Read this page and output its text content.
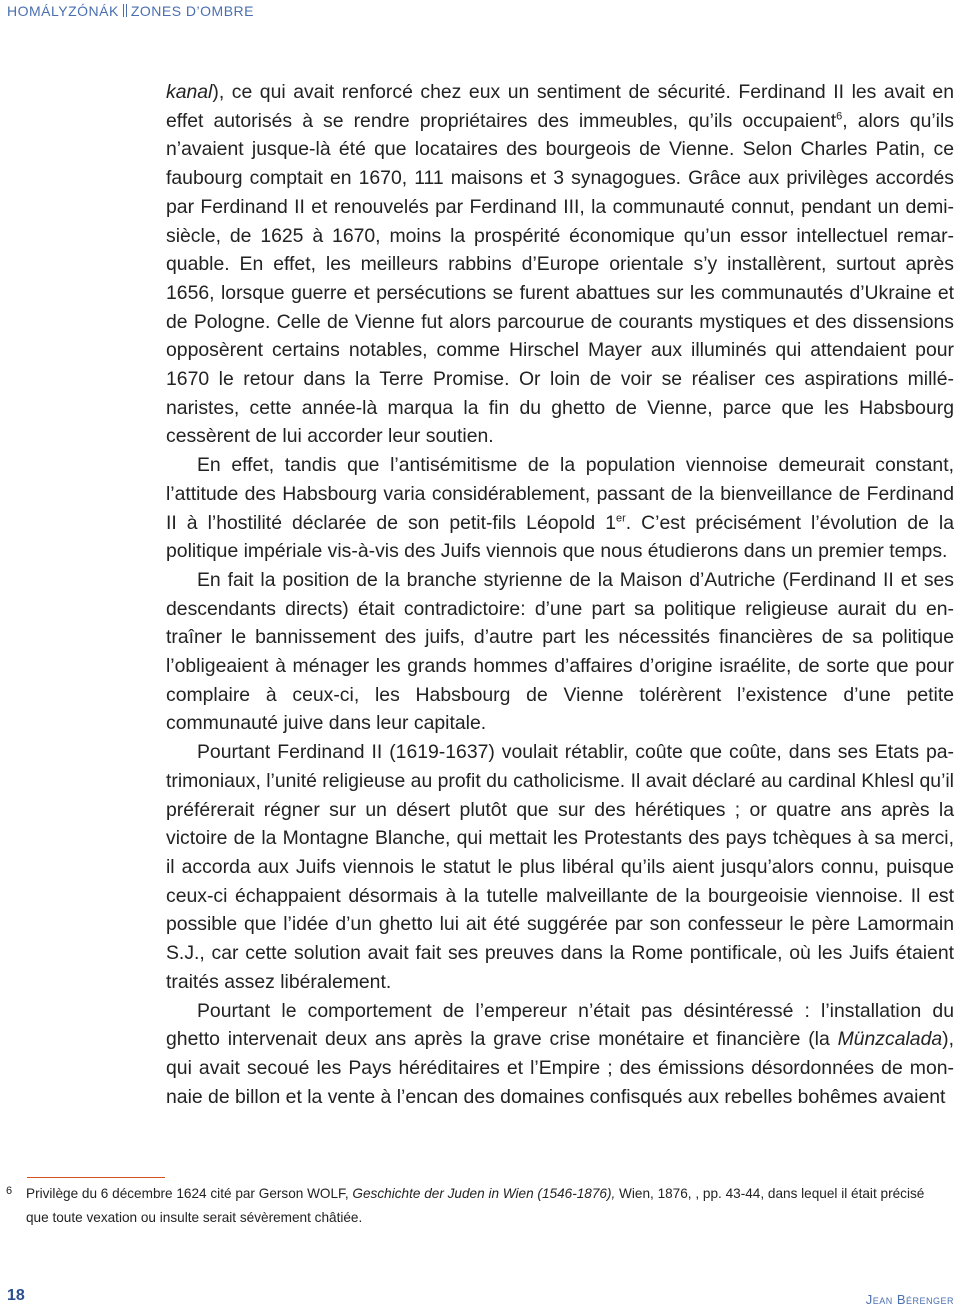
HOMÁLYZÓNÁK ZONES D’OMBRE

kanal), ce qui avait renforcé chez eux un sentiment de sécurité. Ferdinand II les avait en effet autorisés à se rendre propriétaires des immeubles, qu’ils occupaient$^6$, alors qu’ils n’avaient jusque-là été que locataires des bourgeois de Vienne. Selon Charles Patin, ce faubourg comptait en 1670, 111 maisons et 3 synagogues. Grâce aux privilèges accordés par Ferdinand II et renouvelés par Ferdinand III, la communauté connut, pendant un demi-siècle, de 1625 à 1670, moins la prospérité économique qu’un essor intellectuel remarquable. En effet, les meilleurs rabbins d’Europe orientale s’y installèrent, surtout après 1656, lorsque guerre et persécutions se furent abattues sur les communautés d’Ukraine et de Pologne. Celle de Vienne fut alors parcourue de courants mystiques et des dissensions opposèrent certains notables, comme Hirschel Mayer aux illuminés qui attendaient pour 1670 le retour dans la Terre Promise. Or loin de voir se réaliser ces aspirations millénaristes, cette année-là marqua la fin du ghetto de Vienne, parce que les Habsbourg cessèrent de lui accorder leur soutien.

En effet, tandis que l’antisémitisme de la population viennoise demeurait constant, l’attitude des Habsbourg varia considérablement, passant de la bienveillance de Ferdinand II à l’hostilité déclarée de son petit-fils Léopold 1er. C’est précisément l’évolution de la politique impériale vis-à-vis des Juifs viennois que nous étudierons dans un premier temps.

En fait la position de la branche styrienne de la Maison d’Autriche (Ferdinand II et ses descendants directs) était contradictoire: d’une part sa politique religieuse aurait du entraîner le bannissement des juifs, d’autre part les nécessités financières de sa politique l’obligeaient à ménager les grands hommes d’affaires d’origine israélite, de sorte que pour complaire à ceux-ci, les Habsbourg de Vienne tolérèrent l’existence d’une petite communauté juive dans leur capitale.

Pourtant Ferdinand II (1619-1637) voulait rétablir, coûte que coûte, dans ses Etats patrimoniaux, l’unité religieuse au profit du catholicisme. Il avait déclaré au cardinal Khlesl qu’il préférerait régner sur un désert plutôt que sur des hérétiques ; or quatre ans après la victoire de la Montagne Blanche, qui mettait les Protestants des pays tchèques à sa merci, il accorda aux Juifs viennois le statut le plus libéral qu’ils aient jusqu’alors connu, puisque ceux-ci échappaient désormais à la tutelle malveillante de la bourgeoisie viennoise. Il est possible que l’idée d’un ghetto lui ait été suggérée par son confesseur le père Lamormain S.J., car cette solution avait fait ses preuves dans la Rome pontificale, où les Juifs étaient traités assez libéralement.

Pourtant le comportement de l’empereur n’était pas désintéressé : l’installation du ghetto intervenait deux ans après la grave crise monétaire et financière (la Münzcalada), qui avait secoué les Pays héréditaires et l’Empire ; des émissions désordonnées de monnaie de billon et la vente à l’encan des domaines confisqués aux rebelles bohêmes avaient

6 Privilège du 6 décembre 1624 cité par Gerson WOLF, Geschichte der Juden in Wien (1546-1876), Wien, 1876, , pp. 43-44, dans lequel il était précisé que toute vexation ou insulte serait sévèrement châtiée.
18	Jean Bérenger
